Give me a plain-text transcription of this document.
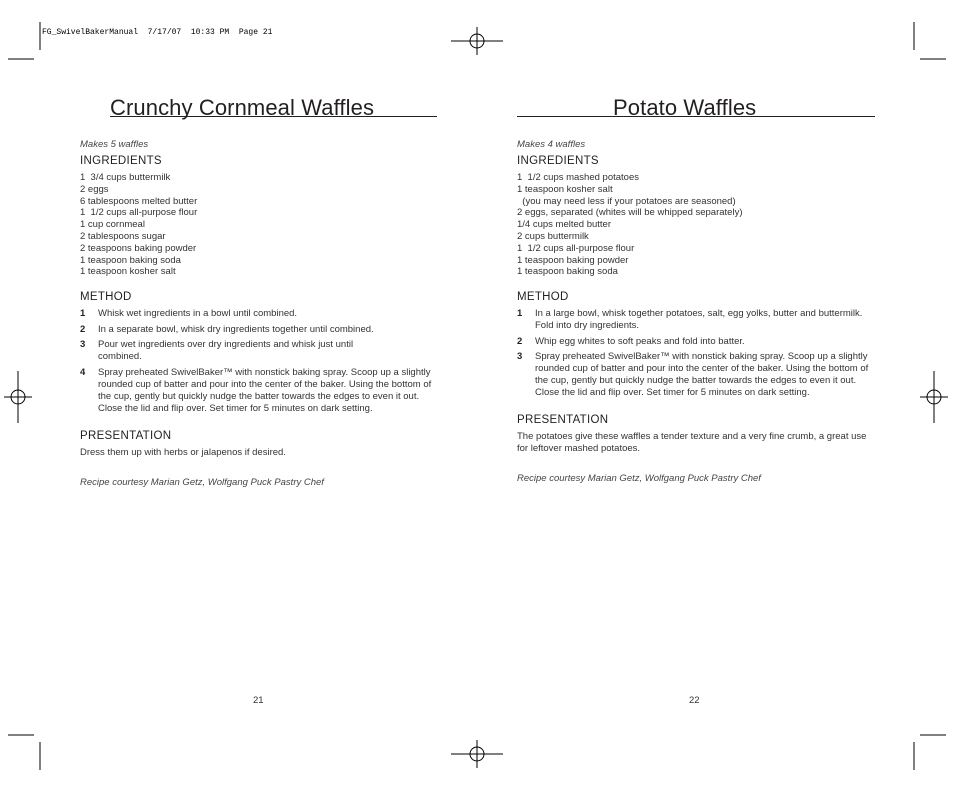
FG_SwivelBakerManual  7/17/07  10:33 PM  Page 21
Crunchy Cornmeal Waffles

Makes 5 waffles

INGREDIENTS
1  3/4 cups buttermilk
2 eggs
6 tablespoons melted butter
1  1/2 cups all-purpose flour
1 cup cornmeal
2 tablespoons sugar
2 teaspoons baking powder
1 teaspoon baking soda
1 teaspoon kosher salt
METHOD
1	Whisk wet ingredients in a bowl until combined.
2	In a separate bowl, whisk dry ingredients together until combined.
3	Pour wet ingredients over dry ingredients and whisk just until combined.
4	Spray preheated SwivelBaker™ with nonstick baking spray. Scoop up a slightly rounded cup of batter and pour into the center of the baker. Using the bottom of the cup, gently but quickly nudge the batter towards the edges to even it out. Close the lid and flip over. Set timer for 5 minutes on dark setting.
PRESENTATION

Dress them up with herbs or jalapenos if desired.

Recipe courtesy Marian Getz, Wolfgang Puck Pastry Chef

21
Potato Waffles

Makes 4 waffles

INGREDIENTS
1  1/2 cups mashed potatoes
1 teaspoon kosher salt
(you may need less if your potatoes are seasoned)
2 eggs, separated (whites will be whipped separately)
1/4 cups melted butter
2 cups buttermilk
1  1/2 cups all-purpose flour
1 teaspoon baking powder
1 teaspoon baking soda
METHOD
1	In a large bowl, whisk together potatoes, salt, egg yolks, butter and buttermilk. Fold into dry ingredients.
2	Whip egg whites to soft peaks and fold into batter.
3	Spray preheated SwivelBaker™ with nonstick baking spray. Scoop up a slightly rounded cup of batter and pour into the center of the baker. Using the bottom of the cup, gently but quickly nudge the batter towards the edges to even it out. Close the lid and flip over. Set timer for 5 minutes on dark setting.
PRESENTATION

The potatoes give these waffles a tender texture and a very fine crumb, a great use for leftover mashed potatoes.

Recipe courtesy Marian Getz, Wolfgang Puck Pastry Chef

22
